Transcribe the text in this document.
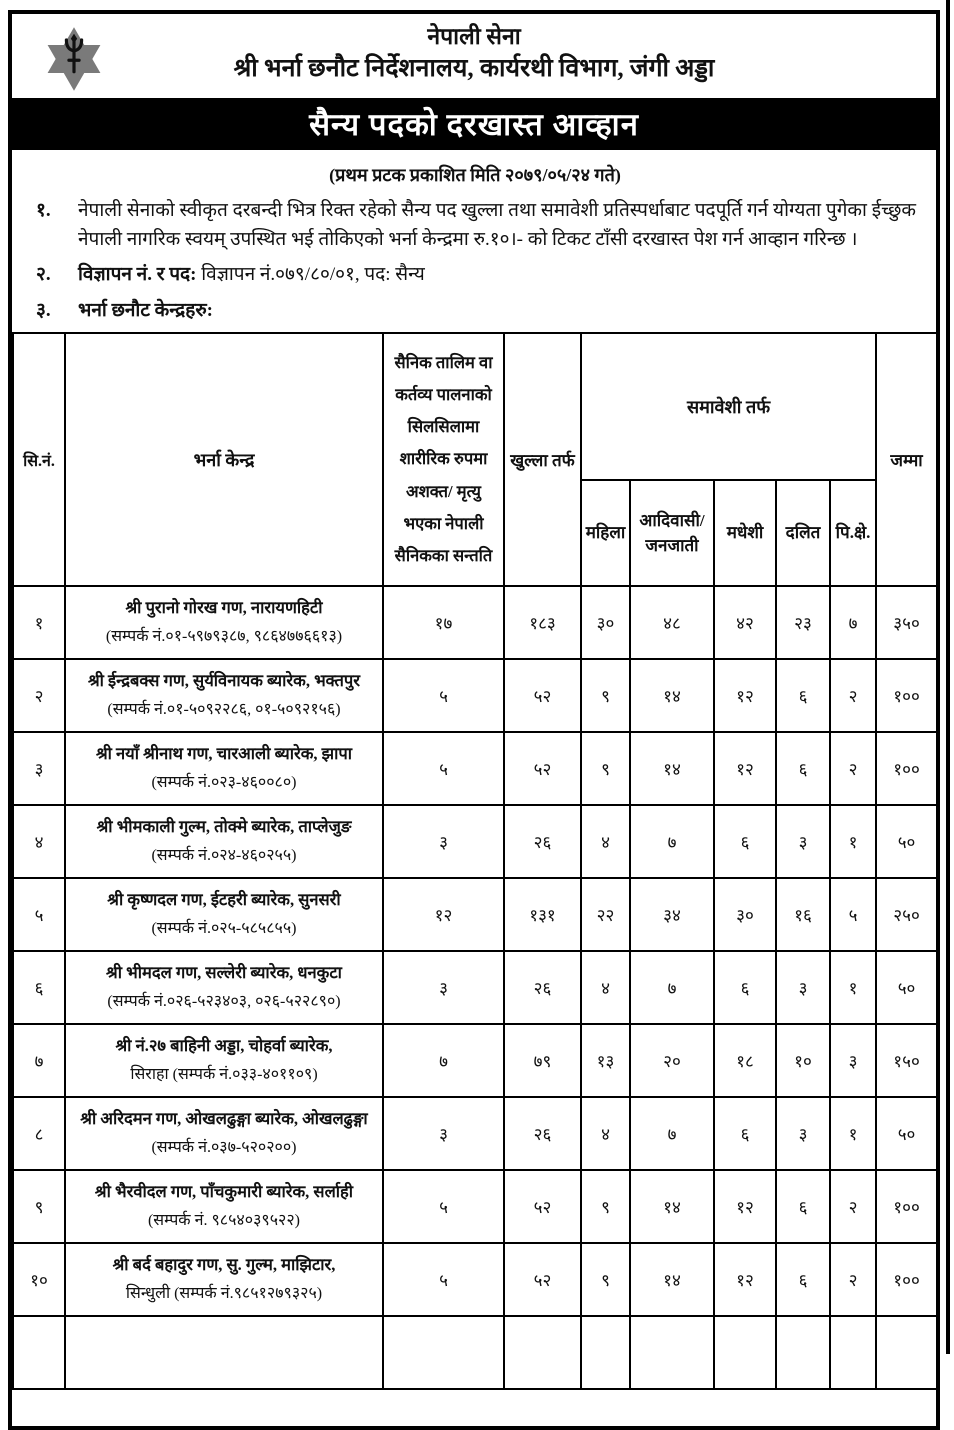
नेपाली सेना
श्री भर्ना छनौट निर्देशनालय, कार्यरथी विभाग, जंगी अड्डा
सैन्य पदको दरखास्त आव्हान
(प्रथम प्रटक प्रकाशित मिति २०७९/०५/२४ गते)
१.	नेपाली सेनाको स्वीकृत दरबन्दी भित्र रिक्त रहेको सैन्य पद खुल्ला तथा समावेशी प्रतिस्पर्धाबाट पदपूर्ति गर्न योग्यता पुगेका ईच्छुक नेपाली नागरिक स्वयम् उपस्थित भई तोकिएको भर्ना केन्द्रमा रु.१०।- को टिकट टाँसी दरखास्त पेश गर्न आव्हान गरिन्छ ।
२.	विज्ञापन नं. र पद: विज्ञापन नं.०७९/८०/०१, पद: सैन्य
३.	भर्ना छनौट केन्द्रहरु:
सि.नं.	भर्ना केन्द्र	सैनिक तालिम वा कर्तव्य पालनाको सिलसिलामा शारीरिक रुपमा अशक्त/ मृत्यु भएका नेपाली सैनिकका सन्तति	खुल्ला तर्फ	समावेशी तर्फ					जम्मा
				महिला	आदिवासी/ जनजाती	मधेशी	दलित	पि.क्षे.	
१	श्री पुरानो गोरख गण, नारायणहिटी
(सम्पर्क नं.०१-५९७९३८७, ९८६४७७६६१३)	१७	१८३	३०	४८	४२	२३	७	३५०
२	श्री ईन्द्रबक्स गण, सुर्यविनायक ब्यारेक, भक्तपुर
(सम्पर्क नं.०१-५०९२२८६, ०१-५०९२१५६)	५	५२	९	१४	१२	६	२	१००
३	श्री नयाँ श्रीनाथ गण, चारआली ब्यारेक, झापा
(सम्पर्क नं.०२३-४६००८०)	५	५२	९	१४	१२	६	२	१००
४	श्री भीमकाली गुल्म, तोक्मे ब्यारेक, ताप्लेजुङ
(सम्पर्क नं.०२४-४६०२५५)	३	२६	४	७	६	३	१	५०
५	श्री कृष्णदल गण, ईटहरी ब्यारेक, सुनसरी
(सम्पर्क नं.०२५-५८५८५५)	१२	१३१	२२	३४	३०	१६	५	२५०
६	श्री भीमदल गण, सल्लेरी ब्यारेक, धनकुटा
(सम्पर्क नं.०२६-५२३४०३, ०२६-५२२८९०)	३	२६	४	७	६	३	१	५०
७	श्री नं.२७ बाहिनी अड्डा, चोहर्वा ब्यारेक,
सिराहा (सम्पर्क नं.०३३-४०११०९)	७	७९	१३	२०	१८	१०	३	१५०
८	श्री अरिदमन गण, ओखलढुङ्गा ब्यारेक, ओखलढुङ्गा
(सम्पर्क नं.०३७-५२०२००)	३	२६	४	७	६	३	१	५०
९	श्री भैरवीदल गण, पाँचकुमारी ब्यारेक, सर्लाही
(सम्पर्क नं. ९८५४०३९५२२)	५	५२	९	१४	१२	६	२	१००
१०	श्री बर्द बहादुर गण, सु. गुल्म, माझिटार,
सिन्धुली (सम्पर्क नं.९८५१२७९३२५)	५	५२	९	१४	१२	६	२	१००
